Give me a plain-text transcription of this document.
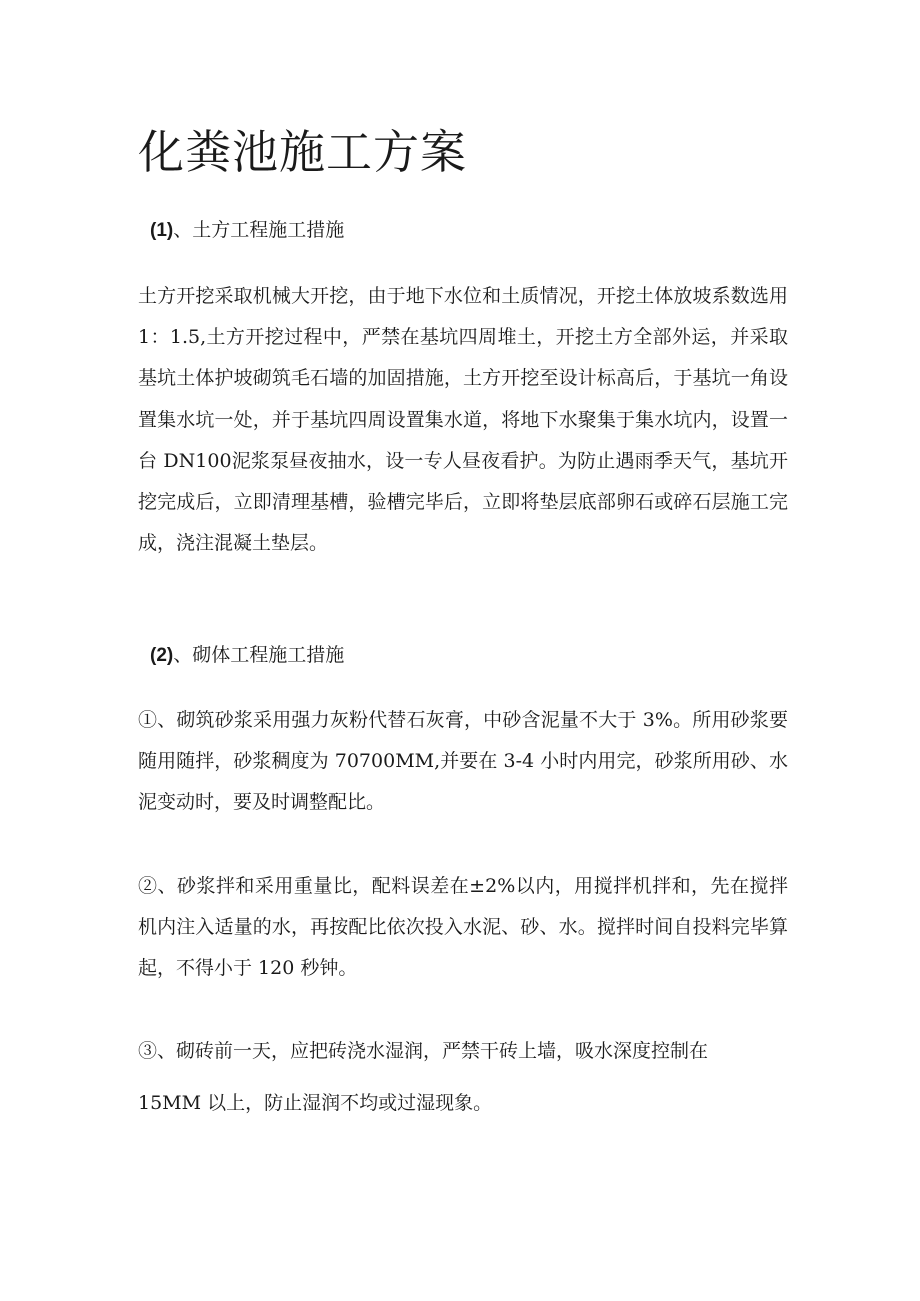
化粪池施工方案
(1)、土方工程施工措施

土方开挖采取机械大开挖，由于地下水位和土质情况，开挖土体放坡系数选用 1：1.5,土方开挖过程中，严禁在基坑四周堆土，开挖土方全部外运，并采取基坑土体护坡砌筑毛石墙的加固措施，土方开挖至设计标高后，于基坑一角设置集水坑一处，并于基坑四周设置集水道，将地下水聚集于集水坑内，设置一台 DN100泥浆泵昼夜抽水，设一专人昼夜看护。为防止遇雨季天气，基坑开挖完成后，立即清理基槽，验槽完毕后，立即将垫层底部卵石或碎石层施工完成，浇注混凝土垫层。

(2)、砌体工程施工措施

①、砌筑砂浆采用强力灰粉代替石灰膏，中砂含泥量不大于 3%。所用砂浆要随用随拌，砂浆稠度为 70700MM,并要在 3-4 小时内用完，砂浆所用砂、水泥变动时，要及时调整配比。

②、砂浆拌和采用重量比，配料误差在±2%以内，用搅拌机拌和，先在搅拌机内注入适量的水，再按配比依次投入水泥、砂、水。搅拌时间自投料完毕算起，不得小于 120 秒钟。

③、砌砖前一天，应把砖浇水湿润，严禁干砖上墙，吸水深度控制在

15MM 以上，防止湿润不均或过湿现象。
